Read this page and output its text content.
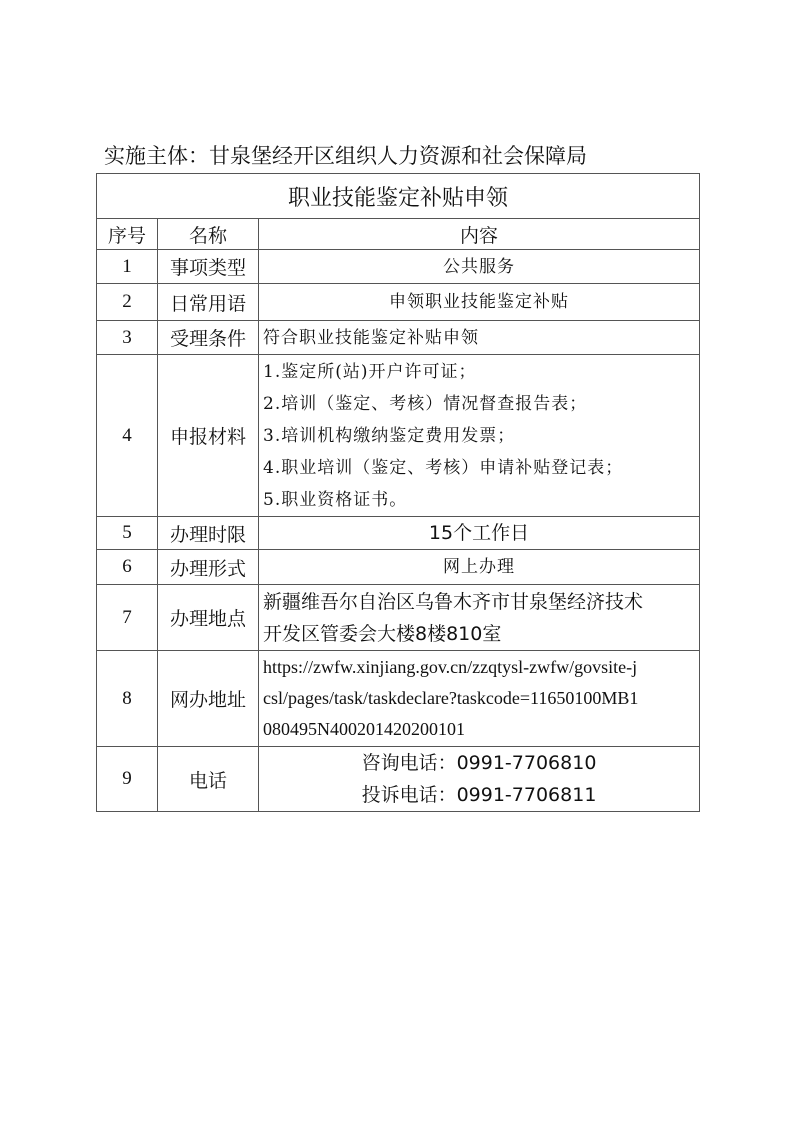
实施主体：甘泉堡经开区组织人力资源和社会保障局
职业技能鉴定补贴申领		
序号	名称	内容
1	事项类型	公共服务
2	日常用语	申领职业技能鉴定补贴
3	受理条件	符合职业技能鉴定补贴申领
4	申报材料	1.鉴定所(站)开户许可证；
2.培训（鉴定、考核）情况督查报告表；
3.培训机构缴纳鉴定费用发票；
4.职业培训（鉴定、考核）申请补贴登记表；
5.职业资格证书。

5	办理时限	15个工作日
6	办理形式	网上办理
7	办理地点	新疆维吾尔自治区乌鲁木齐市甘泉堡经济技术
开发区管委会大楼8楼810室

8	网办地址	https://zwfw.xinjiang.gov.cn/zzqtysl-zwfw/govsite-j
csl/pages/task/taskdeclare?taskcode=11650100MB1
080495N400201420200101

9	电话	咨询电话：0991-7706810
投诉电话：0991-7706811
